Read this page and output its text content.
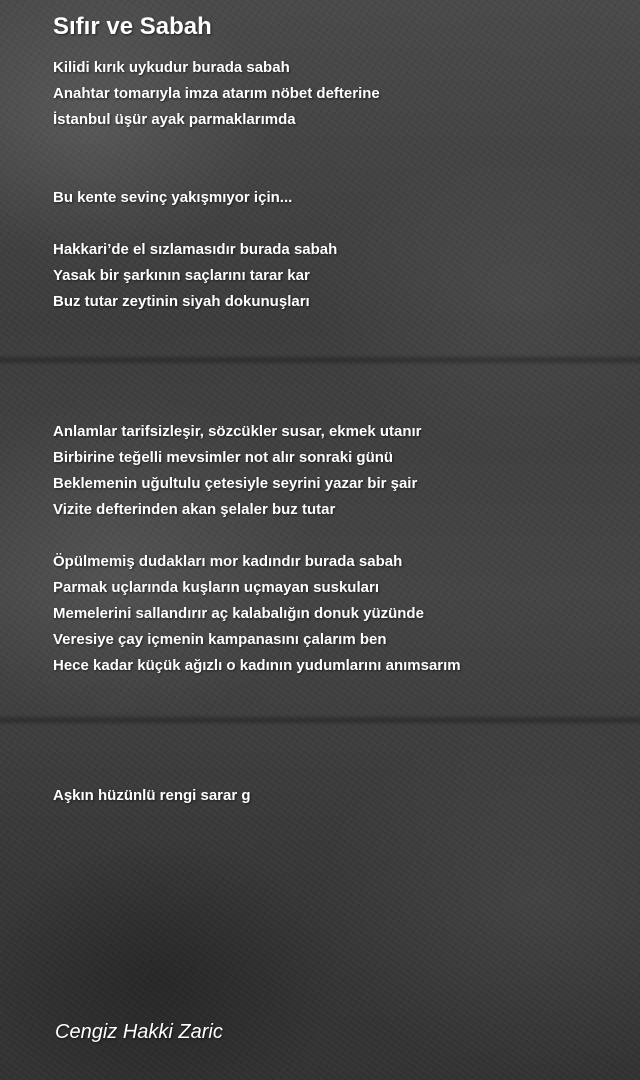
Sıfır ve Sabah
Kilidi kırık uykudur burada sabah
Anahtar tomarıyla imza atarım nöbet defterine
İstanbul üşür ayak parmaklarımda
Bu kente sevinç yakışmıyor için...
Hakkari’de el sızlamasıdır burada sabah
Yasak bir şarkının saçlarını tarar kar
Buz tutar zeytinin siyah dokunuşları
Anlamlar tarifsizleşir, sözcükler susar, ekmek utanır
Birbirine teğelli mevsimler not alır sonraki günü
Beklemenin uğultulu çetesiyle seyrini yazar bir şair
Vizite defterinden akan şelaler buz tutar
Öpülmemiş dudakları mor kadındır burada sabah
Parmak uçlarında kuşların uçmayan suskuları
Memelerini sallandırır aç kalabalığın donuk yüzünde
Veresiye çay içmenin kampanasını çalarım ben
Hece kadar küçük ağızlı o kadının yudumlarını anımsarım
Aşkın hüzünlü rengi sarar g

Cengiz Hakki Zaric
